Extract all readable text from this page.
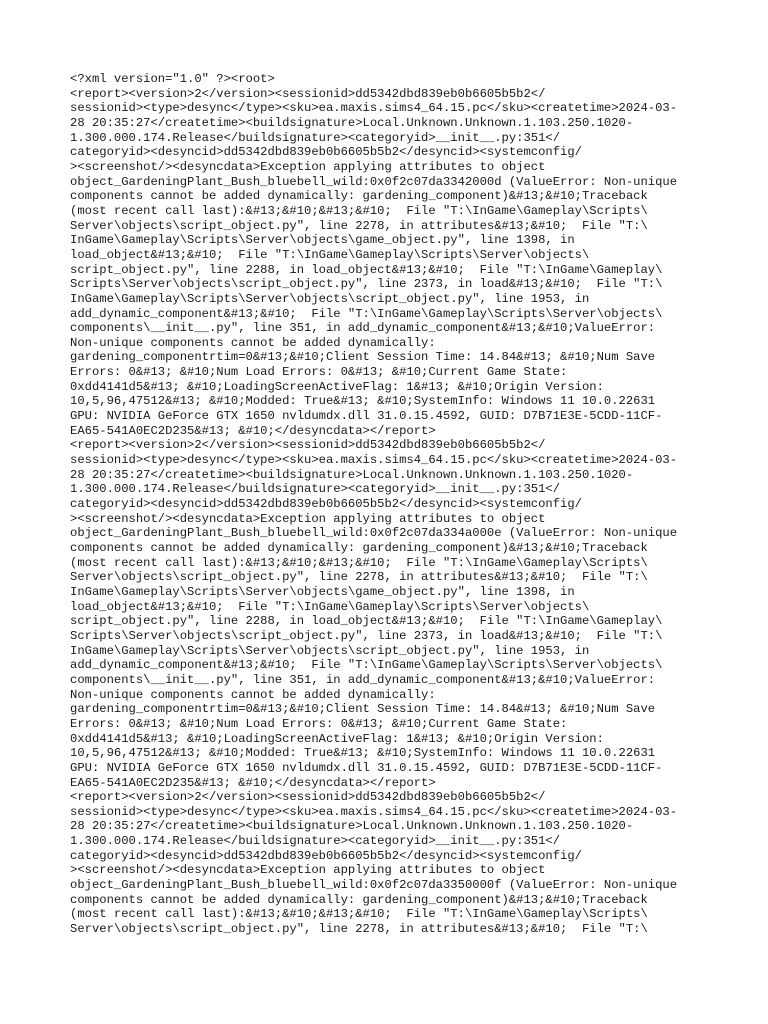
<?xml version="1.0" ?><root>
<report><version>2</version><sessionid>dd5342dbd839eb0b6605b5b2</
sessionid><type>desync</type><sku>ea.maxis.sims4_64.15.pc</sku><createtime>2024-03-
28 20:35:27</createtime><buildsignature>Local.Unknown.Unknown.1.103.250.1020-
1.300.000.174.Release</buildsignature><categoryid>__init__.py:351</
categoryid><desyncid>dd5342dbd839eb0b6605b5b2</desyncid><systemconfig/
><screenshot/><desyncdata>Exception applying attributes to object
object_GardeningPlant_Bush_bluebell_wild:0x0f2c07da3342000d (ValueError: Non-unique
components cannot be added dynamically: gardening_component)&#13;&#10;Traceback
(most recent call last):&#13;&#10;&#13;&#10;  File "T:\InGame\Gameplay\Scripts\
Server\objects\script_object.py", line 2278, in attributes&#13;&#10;  File "T:\
InGame\Gameplay\Scripts\Server\objects\game_object.py", line 1398, in
load_object&#13;&#10;  File "T:\InGame\Gameplay\Scripts\Server\objects\
script_object.py", line 2288, in load_object&#13;&#10;  File "T:\InGame\Gameplay\
Scripts\Server\objects\script_object.py", line 2373, in load&#13;&#10;  File "T:\
InGame\Gameplay\Scripts\Server\objects\script_object.py", line 1953, in
add_dynamic_component&#13;&#10;  File "T:\InGame\Gameplay\Scripts\Server\objects\
components\__init__.py", line 351, in add_dynamic_component&#13;&#10;ValueError:
Non-unique components cannot be added dynamically:
gardening_componentrtim=0&#13;&#10;Client Session Time: 14.84&#13; &#10;Num Save
Errors: 0&#13; &#10;Num Load Errors: 0&#13; &#10;Current Game State:
0xdd4141d5&#13; &#10;LoadingScreenActiveFlag: 1&#13; &#10;Origin Version:
10,5,96,47512&#13; &#10;Modded: True&#13; &#10;SystemInfo: Windows 11 10.0.22631
GPU: NVIDIA GeForce GTX 1650 nvldumdx.dll 31.0.15.4592, GUID: D7B71E3E-5CDD-11CF-
EA65-541A0EC2D235&#13; &#10;</desyncdata></report>
<report><version>2</version><sessionid>dd5342dbd839eb0b6605b5b2</
sessionid><type>desync</type><sku>ea.maxis.sims4_64.15.pc</sku><createtime>2024-03-
28 20:35:27</createtime><buildsignature>Local.Unknown.Unknown.1.103.250.1020-
1.300.000.174.Release</buildsignature><categoryid>__init__.py:351</
categoryid><desyncid>dd5342dbd839eb0b6605b5b2</desyncid><systemconfig/
><screenshot/><desyncdata>Exception applying attributes to object
object_GardeningPlant_Bush_bluebell_wild:0x0f2c07da334a000e (ValueError: Non-unique
components cannot be added dynamically: gardening_component)&#13;&#10;Traceback
(most recent call last):&#13;&#10;&#13;&#10;  File "T:\InGame\Gameplay\Scripts\
Server\objects\script_object.py", line 2278, in attributes&#13;&#10;  File "T:\
InGame\Gameplay\Scripts\Server\objects\game_object.py", line 1398, in
load_object&#13;&#10;  File "T:\InGame\Gameplay\Scripts\Server\objects\
script_object.py", line 2288, in load_object&#13;&#10;  File "T:\InGame\Gameplay\
Scripts\Server\objects\script_object.py", line 2373, in load&#13;&#10;  File "T:\
InGame\Gameplay\Scripts\Server\objects\script_object.py", line 1953, in
add_dynamic_component&#13;&#10;  File "T:\InGame\Gameplay\Scripts\Server\objects\
components\__init__.py", line 351, in add_dynamic_component&#13;&#10;ValueError:
Non-unique components cannot be added dynamically:
gardening_componentrtim=0&#13;&#10;Client Session Time: 14.84&#13; &#10;Num Save
Errors: 0&#13; &#10;Num Load Errors: 0&#13; &#10;Current Game State:
0xdd4141d5&#13; &#10;LoadingScreenActiveFlag: 1&#13; &#10;Origin Version:
10,5,96,47512&#13; &#10;Modded: True&#13; &#10;SystemInfo: Windows 11 10.0.22631
GPU: NVIDIA GeForce GTX 1650 nvldumdx.dll 31.0.15.4592, GUID: D7B71E3E-5CDD-11CF-
EA65-541A0EC2D235&#13; &#10;</desyncdata></report>
<report><version>2</version><sessionid>dd5342dbd839eb0b6605b5b2</
sessionid><type>desync</type><sku>ea.maxis.sims4_64.15.pc</sku><createtime>2024-03-
28 20:35:27</createtime><buildsignature>Local.Unknown.Unknown.1.103.250.1020-
1.300.000.174.Release</buildsignature><categoryid>__init__.py:351</
categoryid><desyncid>dd5342dbd839eb0b6605b5b2</desyncid><systemconfig/
><screenshot/><desyncdata>Exception applying attributes to object
object_GardeningPlant_Bush_bluebell_wild:0x0f2c07da3350000f (ValueError: Non-unique
components cannot be added dynamically: gardening_component)&#13;&#10;Traceback
(most recent call last):&#13;&#10;&#13;&#10;  File "T:\InGame\Gameplay\Scripts\
Server\objects\script_object.py", line 2278, in attributes&#13;&#10;  File "T:\
